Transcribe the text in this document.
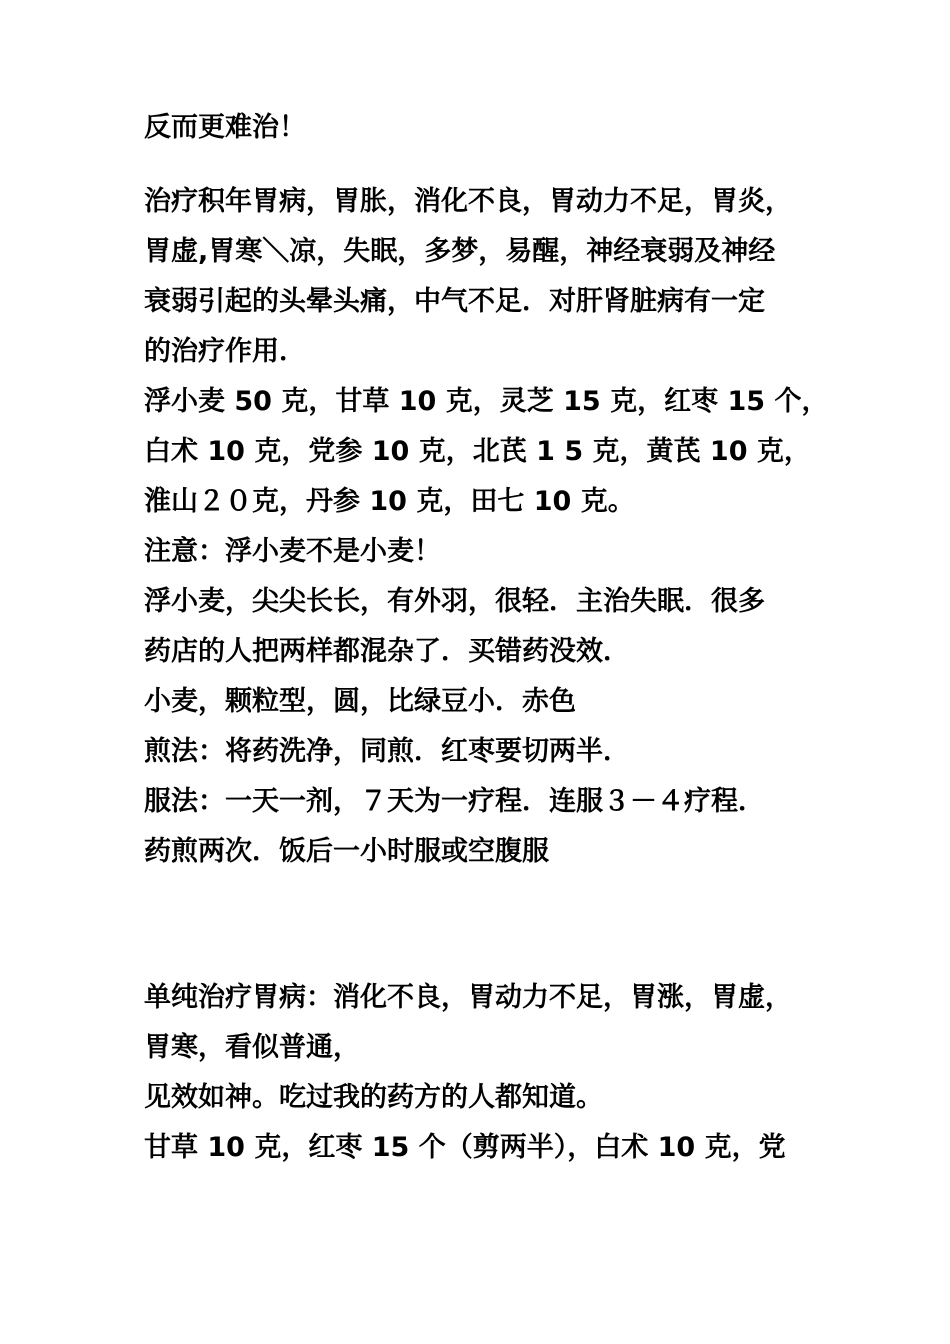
反而更难治！
治疗积年胃病，胃胀，消化不良，胃动力不足，胃炎，
胃虚,胃寒＼凉，失眠，多梦，易醒，神经衰弱及神经
衰弱引起的头晕头痛，中气不足．对肝肾脏病有一定
的治疗作用．
浮小麦 50 克，甘草 10 克，灵芝 15 克，红枣 15 个，
白术 10 克，党参 10 克，北芪 1 5 克，黄芪 10 克，
淮山２０克，丹参 10 克，田七 10 克。
注意：浮小麦不是小麦！
浮小麦，尖尖长长，有外羽，很轻．主治失眠．很多
药店的人把两样都混杂了．买错药没效．
小麦，颗粒型，圆，比绿豆小．赤色
煎法：将药洗净，同煎．红枣要切两半．
服法：一天一剂，７天为一疗程．连服３－４疗程．
药煎两次．饭后一小时服或空腹服
单纯治疗胃病：消化不良，胃动力不足，胃涨，胃虚，
胃寒，看似普通，
见效如神。吃过我的药方的人都知道。
甘草 10 克，红枣 15 个（剪两半），白术 10 克，党
